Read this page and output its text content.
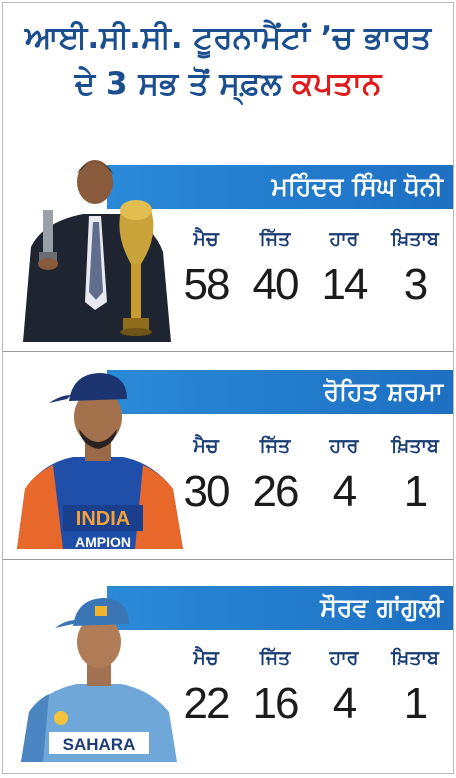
ਆਈ.ਸੀ.ਸੀ. ਟੂਰਨਾਮੈਂਟਾਂ ’ਚ ਭਾਰਤ
ਦੇ 3 ਸਭ ਤੋਂ ਸ੍ਫ਼ਲ ਕਪਤਾਨ
ਮਹਿੰਦਰ ਸਿੰਘ ਧੋਨੀ
ਮੈਚ	ਜਿੱਤ	ਹਾਰ	ਖ਼ਿਤਾਬ
58 40 14 3
ਰੋਹਿਤ ਸ਼ਰਮਾ
INDIA
AMPION
ਮੈਚ	ਜਿੱਤ	ਹਾਰ	ਖ਼ਿਤਾਬ
30 26 4	1
ਸੌਰਵ ਗਾਂਗੁਲੀ
SAHARA
ਮੈਚ	ਜਿੱਤ	ਹਾਰ	ਖ਼ਿਤਾਬ
22 16 4	1
